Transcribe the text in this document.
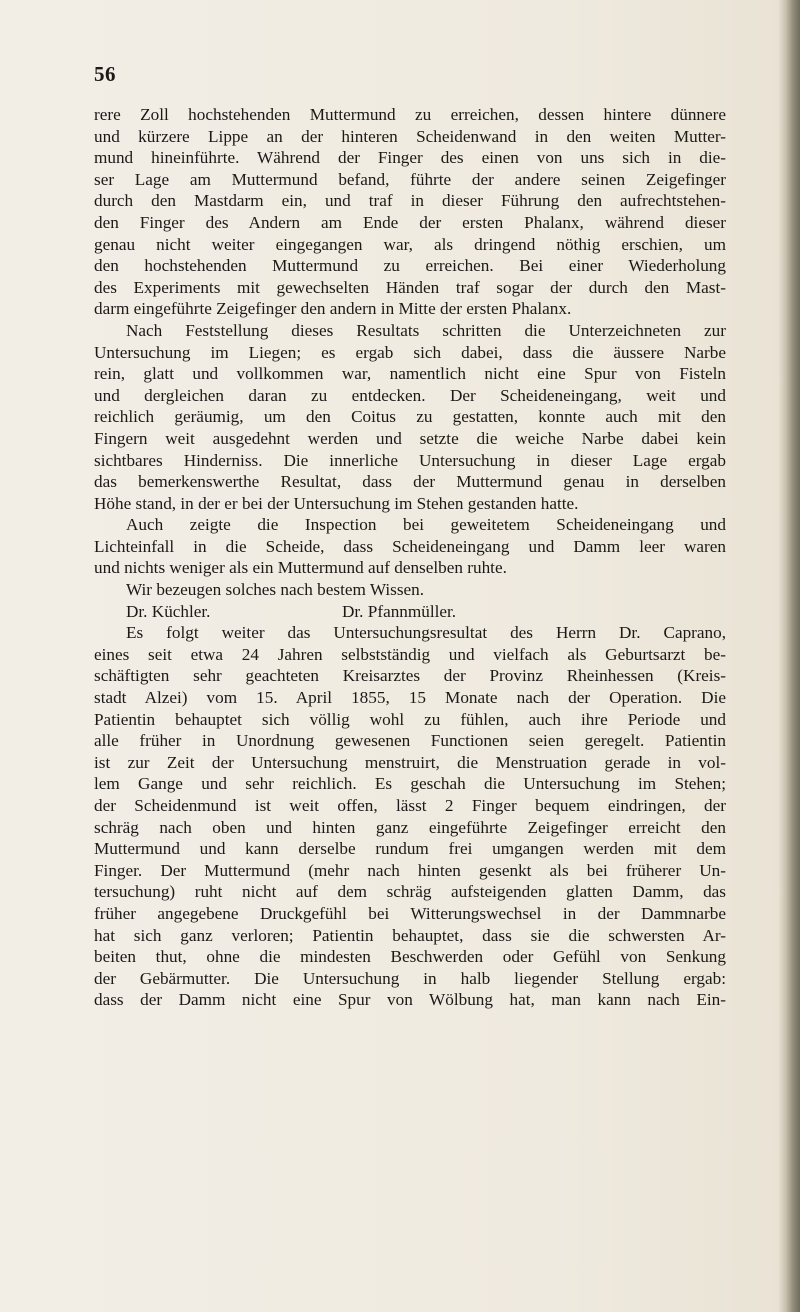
56
rere Zoll hochstehenden Muttermund zu erreichen, dessen hintere dünnere
und kürzere Lippe an der hinteren Scheidenwand in den weiten Mutter-
mund hineinführte. Während der Finger des einen von uns sich in die-
ser Lage am Muttermund befand, führte der andere seinen Zeigefinger
durch den Mastdarm ein, und traf in dieser Führung den aufrechtstehen-
den Finger des Andern am Ende der ersten Phalanx, während dieser
genau nicht weiter eingegangen war, als dringend nöthig erschien, um
den hochstehenden Muttermund zu erreichen. Bei einer Wiederholung
des Experiments mit gewechselten Händen traf sogar der durch den Mast-
darm eingeführte Zeigefinger den andern in Mitte der ersten Phalanx.
Nach Feststellung dieses Resultats schritten die Unterzeichneten zur
Untersuchung im Liegen; es ergab sich dabei, dass die äussere Narbe
rein, glatt und vollkommen war, namentlich nicht eine Spur von Fisteln
und dergleichen daran zu entdecken. Der Scheideneingang, weit und
reichlich geräumig, um den Coitus zu gestatten, konnte auch mit den
Fingern weit ausgedehnt werden und setzte die weiche Narbe dabei kein
sichtbares Hinderniss. Die innerliche Untersuchung in dieser Lage ergab
das bemerkenswerthe Resultat, dass der Muttermund genau in derselben
Höhe stand, in der er bei der Untersuchung im Stehen gestanden hatte.
Auch zeigte die Inspection bei geweitetem Scheideneingang und
Lichteinfall in die Scheide, dass Scheideneingang und Damm leer waren
und nichts weniger als ein Muttermund auf denselben ruhte.
Wir bezeugen solches nach bestem Wissen.
Dr. Küchler.	Dr. Pfannmüller.
Es folgt weiter das Untersuchungsresultat des Herrn Dr. Caprano,
eines seit etwa 24 Jahren selbstständig und vielfach als Geburtsarzt be-
schäftigten sehr geachteten Kreisarztes der Provinz Rheinhessen (Kreis-
stadt Alzei) vom 15. April 1855, 15 Monate nach der Operation. Die
Patientin behauptet sich völlig wohl zu fühlen, auch ihre Periode und
alle früher in Unordnung gewesenen Functionen seien geregelt. Patientin
ist zur Zeit der Untersuchung menstruirt, die Menstruation gerade in vol-
lem Gange und sehr reichlich. Es geschah die Untersuchung im Stehen;
der Scheidenmund ist weit offen, lässt 2 Finger bequem eindringen, der
schräg nach oben und hinten ganz eingeführte Zeigefinger erreicht den
Muttermund und kann derselbe rundum frei umgangen werden mit dem
Finger. Der Muttermund (mehr nach hinten gesenkt als bei früherer Un-
tersuchung) ruht nicht auf dem schräg aufsteigenden glatten Damm, das
früher angegebene Druckgefühl bei Witterungswechsel in der Dammnarbe
hat sich ganz verloren; Patientin behauptet, dass sie die schwersten Ar-
beiten thut, ohne die mindesten Beschwerden oder Gefühl von Senkung
der Gebärmutter. Die Untersuchung in halb liegender Stellung ergab:
dass der Damm nicht eine Spur von Wölbung hat, man kann nach Ein-
